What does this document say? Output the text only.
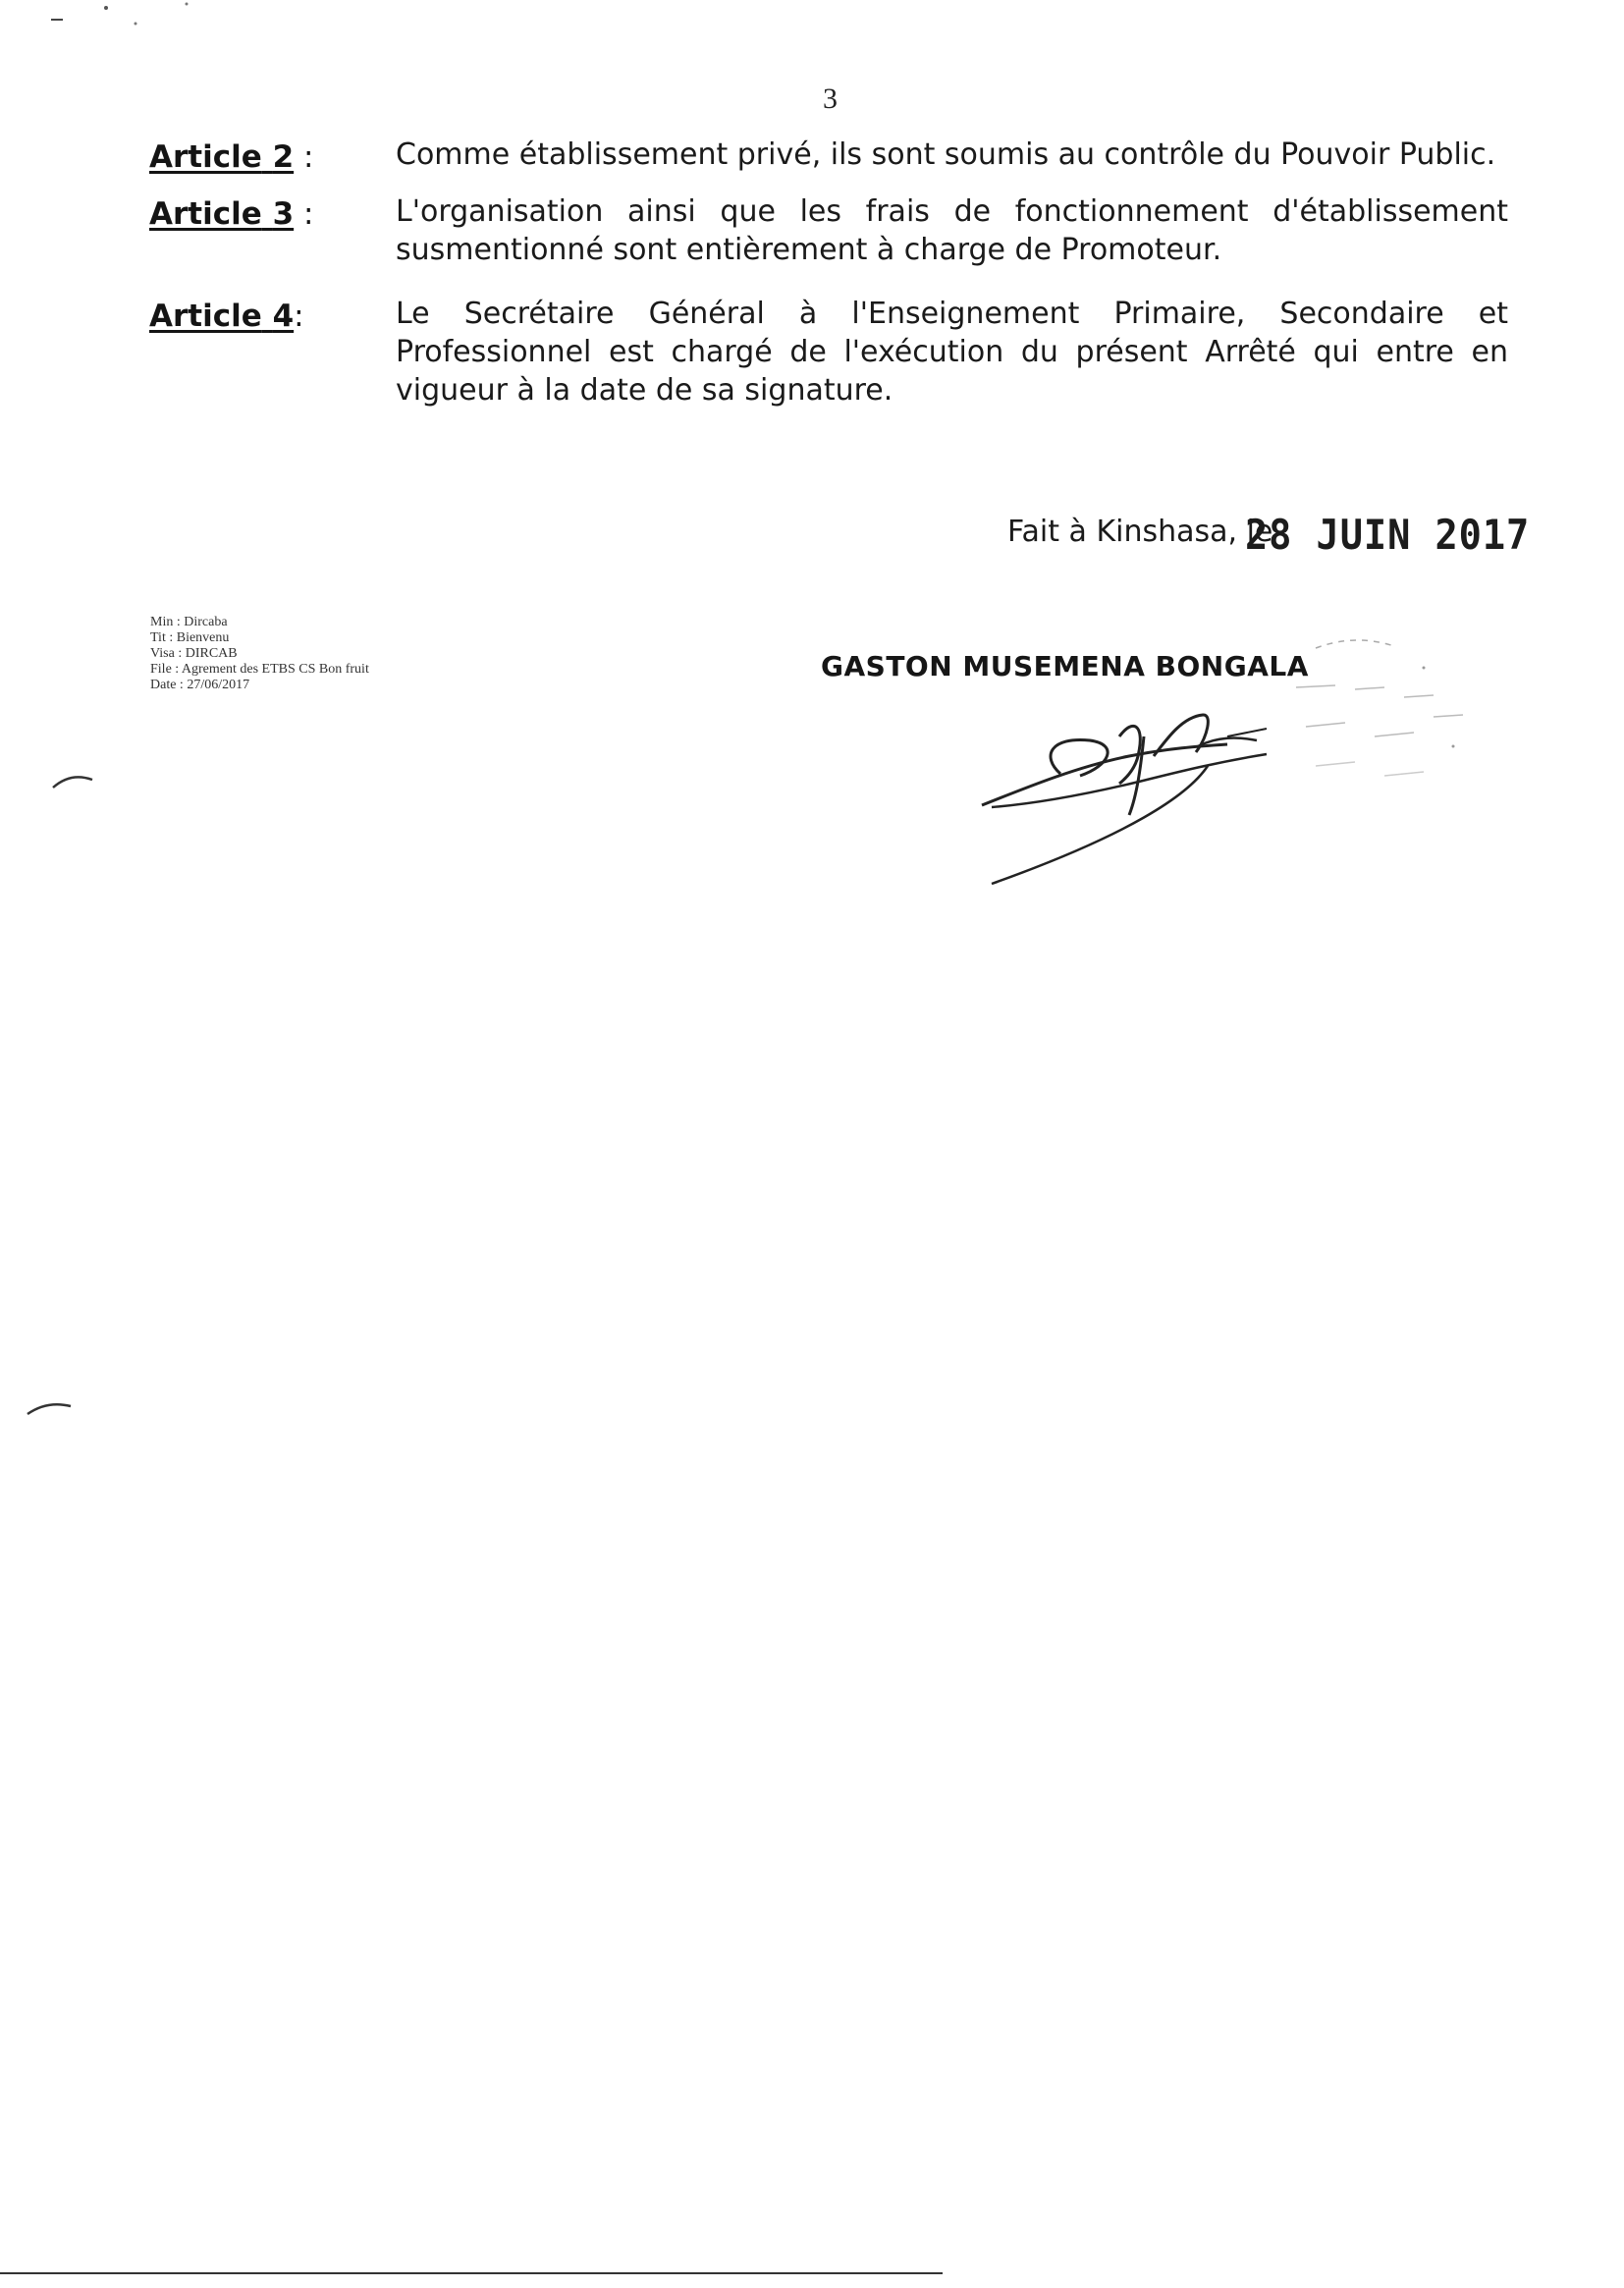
3
Article 2 :	Comme établissement privé, ils sont soumis au contrôle du Pouvoir Public.
Article 3 :	L'organisation ainsi que les frais de fonctionnement d'établissement susmentionné sont entièrement à charge de Promoteur.
Article 4:	Le Secrétaire Général à l'Enseignement Primaire, Secondaire et Professionnel est chargé de l'exécution du présent Arrêté qui entre en vigueur à la date de sa signature.
Fait à Kinshasa, le
28 JUIN 2017
Min : Dircaba
Tit : Bienvenu
Visa : DIRCAB
File : Agrement des ETBS CS Bon fruit
Date : 27/06/2017
GASTON MUSEMENA BONGALA
